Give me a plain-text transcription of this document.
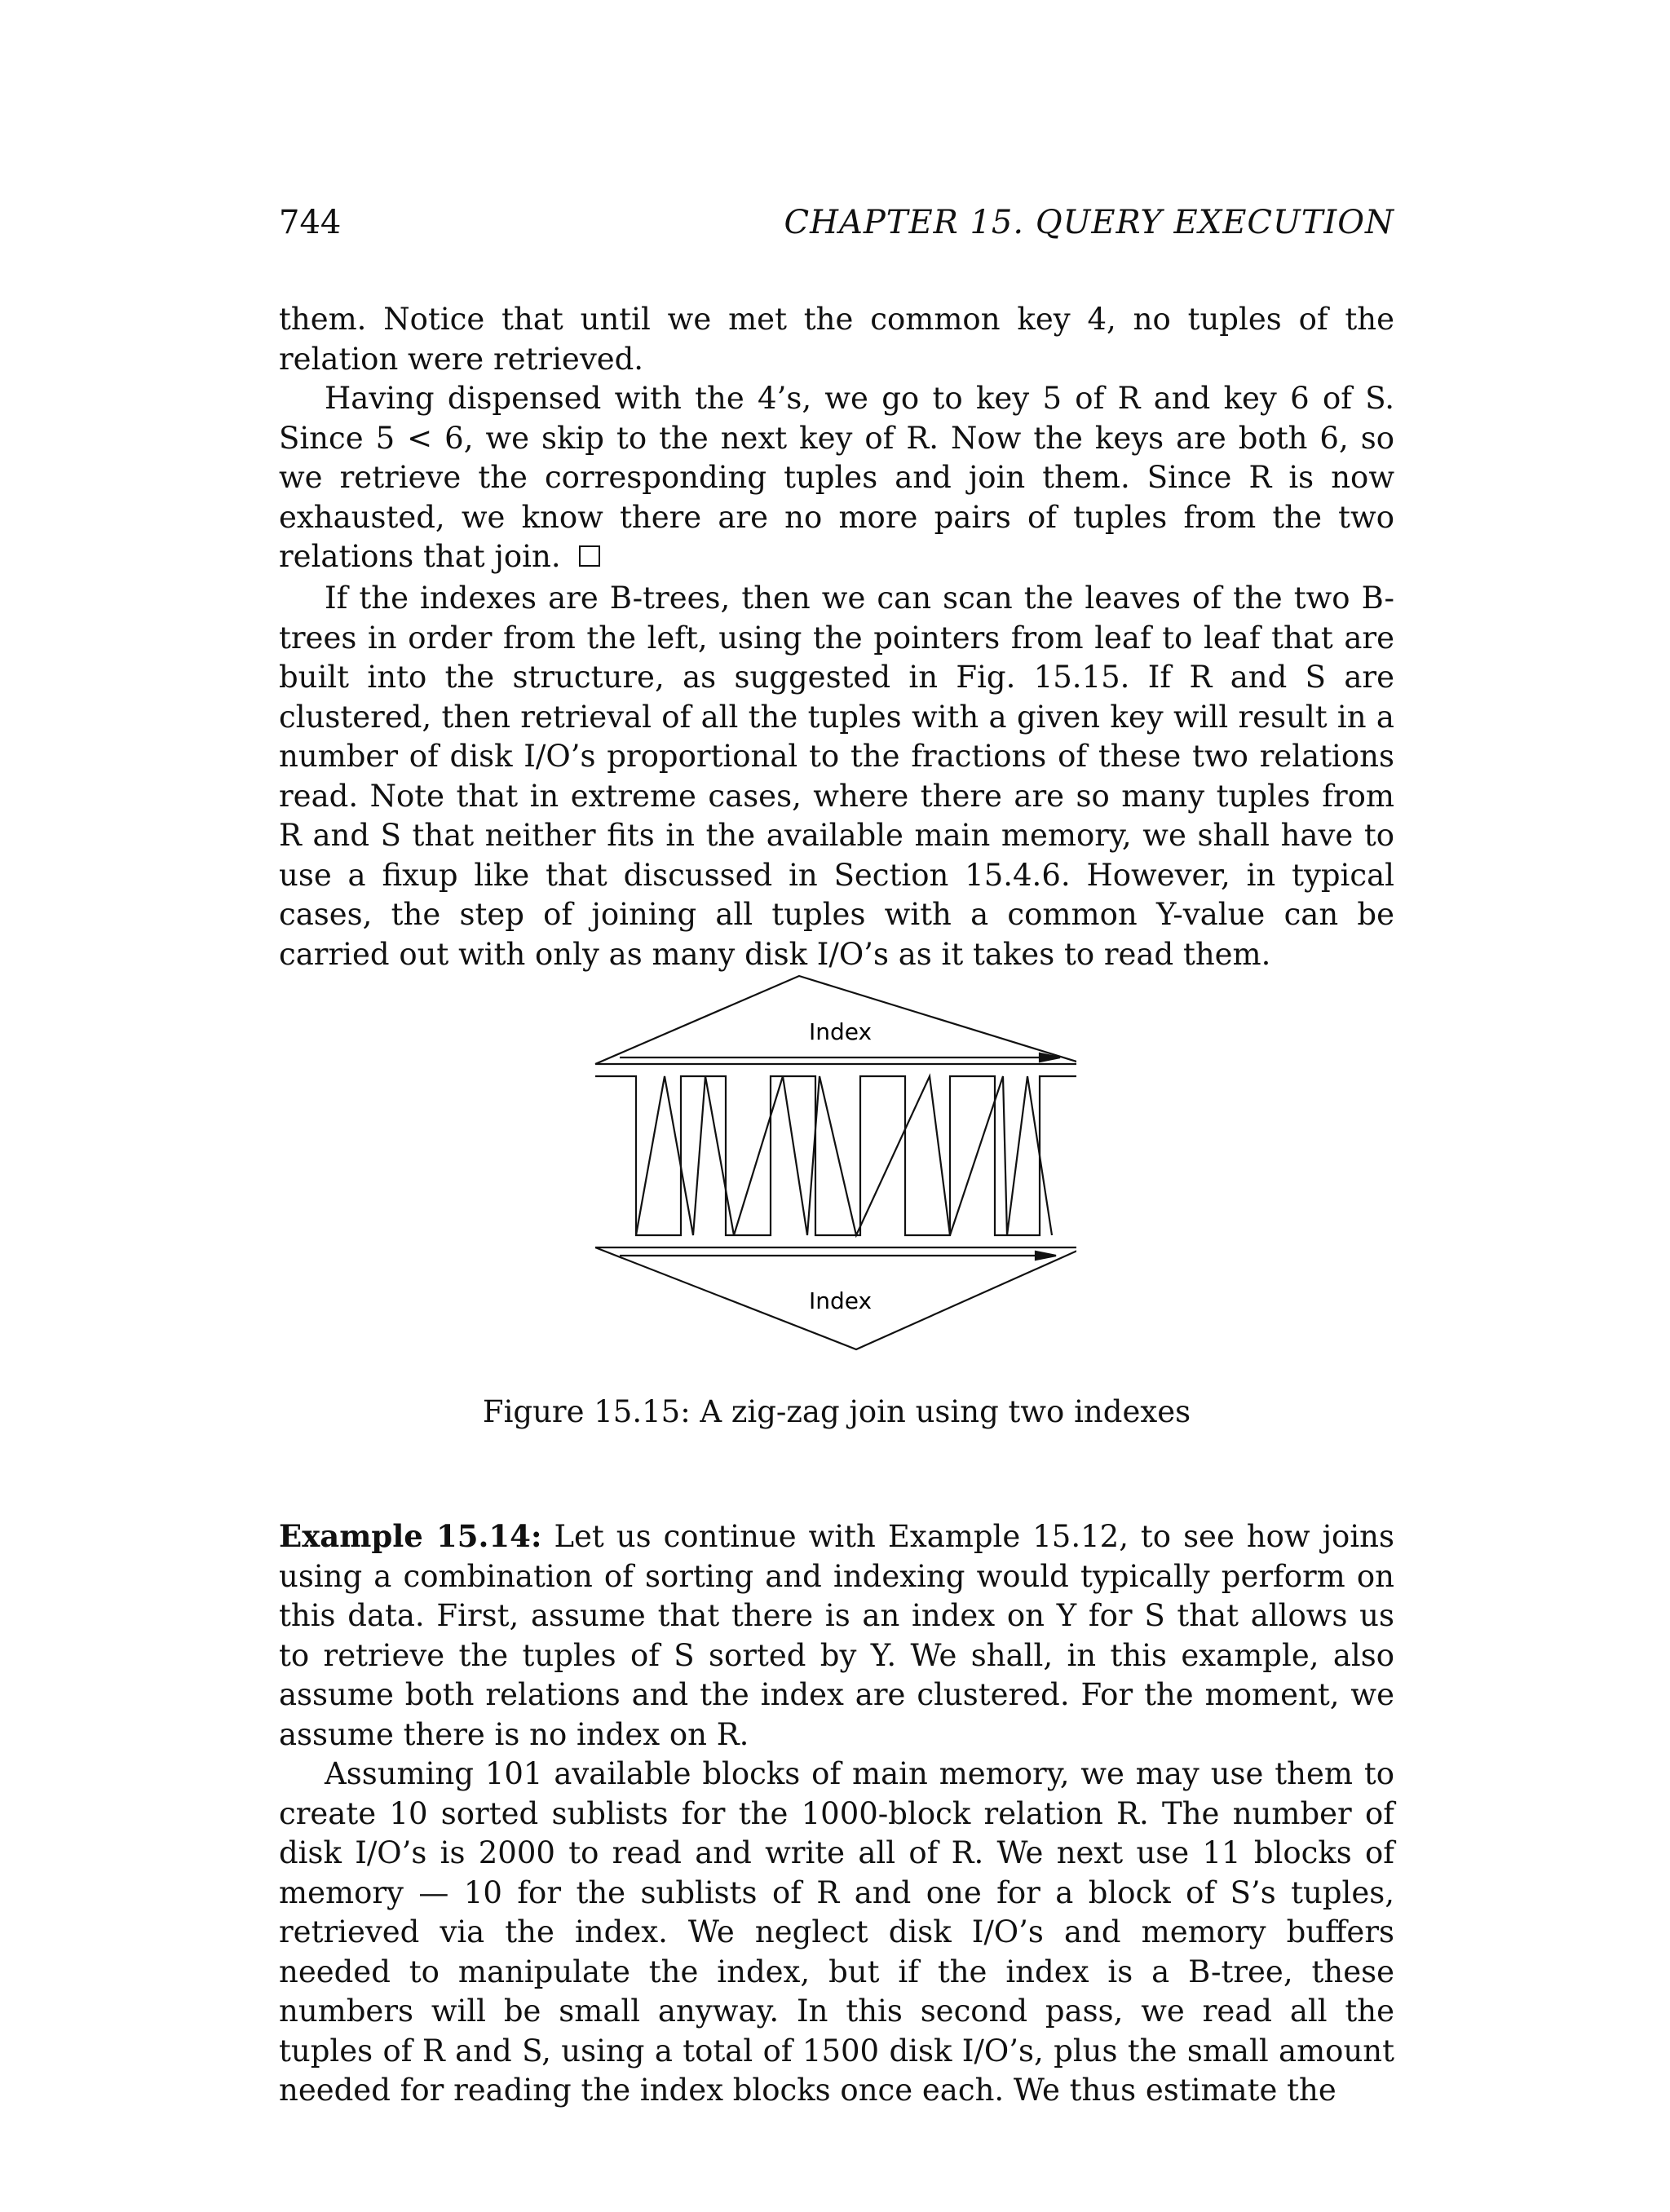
744	CHAPTER 15. QUERY EXECUTION

them. Notice that until we met the common key 4, no tuples of the relation were retrieved.

Having dispensed with the 4’s, we go to key 5 of R and key 6 of S. Since 5 < 6, we skip to the next key of R. Now the keys are both 6, so we retrieve the corresponding tuples and join them. Since R is now exhausted, we know there are no more pairs of tuples from the two relations that join.

If the indexes are B-trees, then we can scan the leaves of the two B-trees in order from the left, using the pointers from leaf to leaf that are built into the structure, as suggested in Fig. 15.15. If R and S are clustered, then retrieval of all the tuples with a given key will result in a number of disk I/O’s proportional to the fractions of these two relations read. Note that in extreme cases, where there are so many tuples from R and S that neither fits in the available main memory, we shall have to use a fixup like that discussed in Section 15.4.6. However, in typical cases, the step of joining all tuples with a common Y-value can be carried out with only as many disk I/O’s as it takes to read them.

Index
Index
Figure 15.15: A zig-zag join using two indexes

Example 15.14: Let us continue with Example 15.12, to see how joins using a combination of sorting and indexing would typically perform on this data. First, assume that there is an index on Y for S that allows us to retrieve the tuples of S sorted by Y. We shall, in this example, also assume both relations and the index are clustered. For the moment, we assume there is no index on R.

Assuming 101 available blocks of main memory, we may use them to create 10 sorted sublists for the 1000-block relation R. The number of disk I/O’s is 2000 to read and write all of R. We next use 11 blocks of memory — 10 for the sublists of R and one for a block of S’s tuples, retrieved via the index. We neglect disk I/O’s and memory buffers needed to manipulate the index, but if the index is a B-tree, these numbers will be small anyway. In this second pass, we read all the tuples of R and S, using a total of 1500 disk I/O’s, plus the small amount needed for reading the index blocks once each. We thus estimate the
